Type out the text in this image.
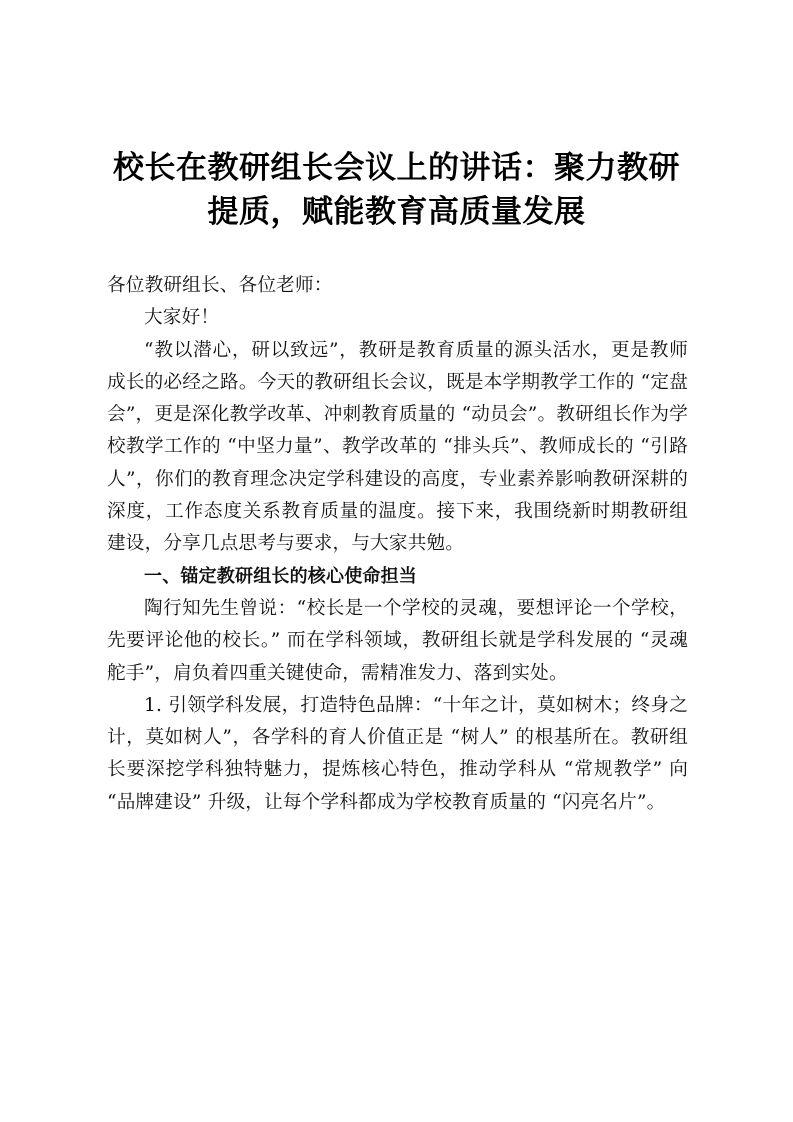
校长在教研组长会议上的讲话：聚力教研提质，赋能教育高质量发展

各位教研组长、各位老师：

大家好！

“教以潜心，研以致远”，教研是教育质量的源头活水，更是教师成长的必经之路。今天的教研组长会议，既是本学期教学工作的 “定盘会”，更是深化教学改革、冲刺教育质量的 “动员会”。教研组长作为学校教学工作的 “中坚力量”、教学改革的 “排头兵”、教师成长的 “引路人”，你们的教育理念决定学科建设的高度，专业素养影响教研深耕的深度，工作态度关系教育质量的温度。接下来，我围绕新时期教研组建设，分享几点思考与要求，与大家共勉。

一、锚定教研组长的核心使命担当

陶行知先生曾说：“校长是一个学校的灵魂，要想评论一个学校，先要评论他的校长。” 而在学科领域，教研组长就是学科发展的 “灵魂舵手”，肩负着四重关键使命，需精准发力、落到实处。

1. 引领学科发展，打造特色品牌：“十年之计，莫如树木；终身之计，莫如树人”，各学科的育人价值正是 “树人” 的根基所在。教研组长要深挖学科独特魅力，提炼核心特色，推动学科从 “常规教学” 向 “品牌建设” 升级，让每个学科都成为学校教育质量的 “闪亮名片”。
